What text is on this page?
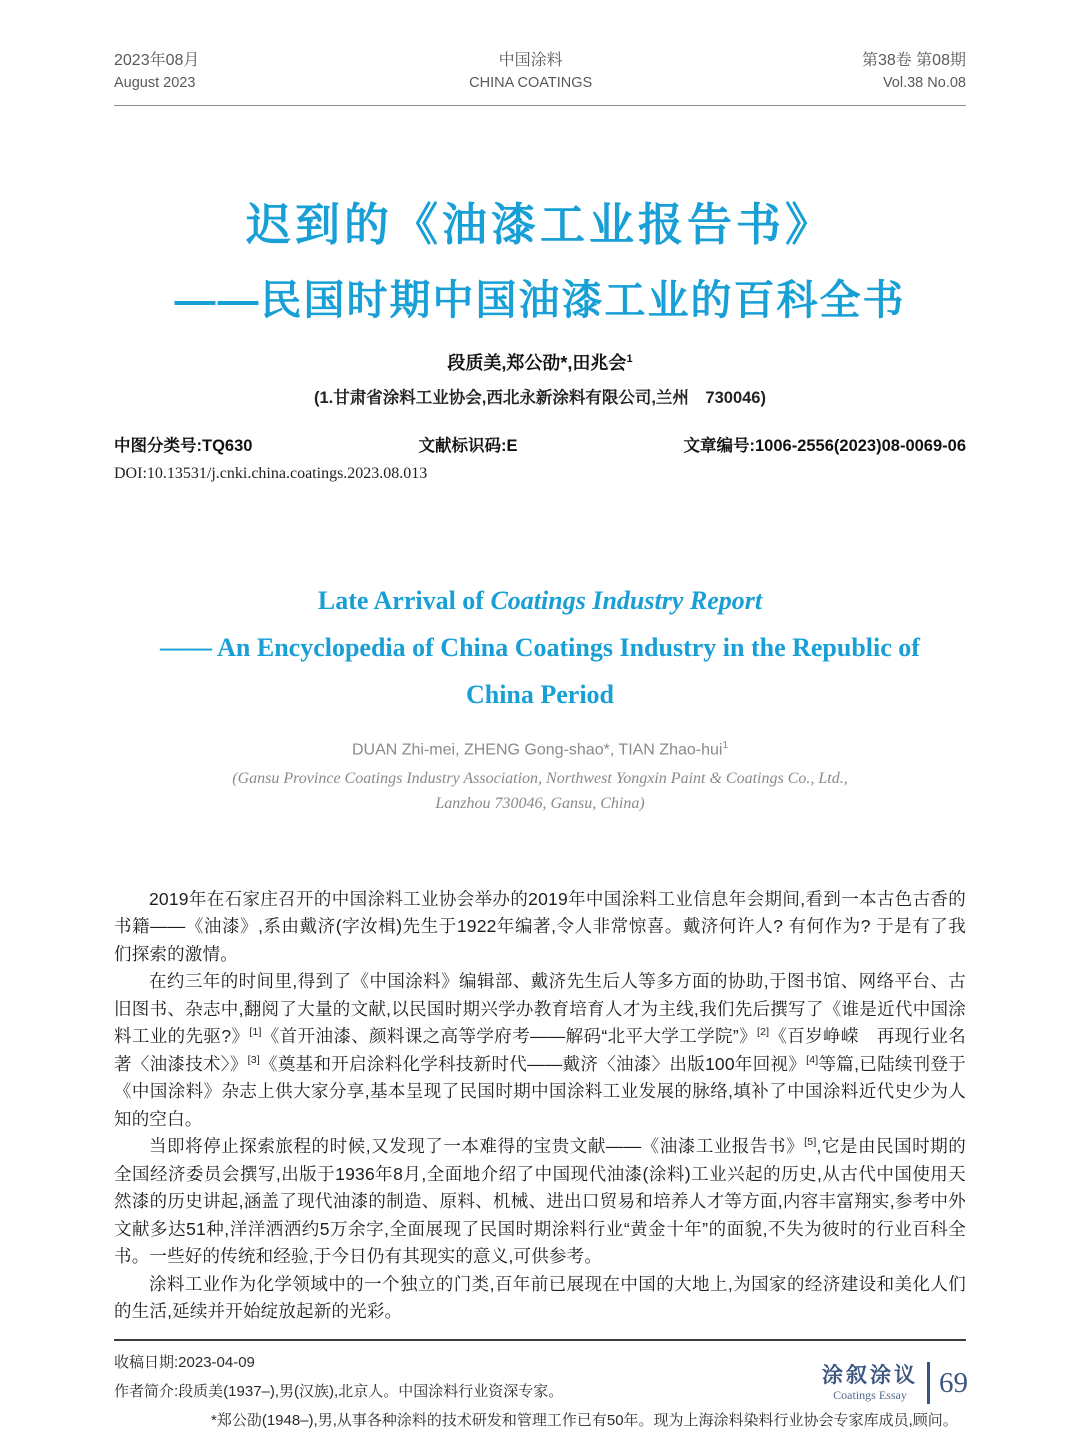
2023年08月
August 2023
中国涂料
CHINA COATINGS
第38卷 第08期
Vol.38 No.08
迟到的《油漆工业报告书》
——民国时期中国油漆工业的百科全书
段质美,郑公劭*,田兆会$^1$
(1.甘肃省涂料工业协会,西北永新涂料有限公司,兰州　730046)
中图分类号:TQ630	文献标识码:E	文章编号:1006-2556(2023)08-0069-06
DOI:10.13531/j.cnki.china.coatings.2023.08.013
Late Arrival of Coatings Industry Report
—— An Encyclopedia of China Coatings Industry in the Republic of
China Period
DUAN Zhi-mei, ZHENG Gong-shao*, TIAN Zhao-hui$^1$
(Gansu Province Coatings Industry Association, Northwest Yongxin Paint & Coatings Co., Ltd.,
Lanzhou 730046, Gansu, China)

2019年在石家庄召开的中国涂料工业协会举办的2019年中国涂料工业信息年会期间,看到一本古色古香的书籍——《油漆》,系由戴济(字汝楫)先生于1922年编著,令人非常惊喜。戴济何许人? 有何作为? 于是有了我们探索的激情。

在约三年的时间里,得到了《中国涂料》编辑部、戴济先生后人等多方面的协助,于图书馆、网络平台、古旧图书、杂志中,翻阅了大量的文献,以民国时期兴学办教育培育人才为主线,我们先后撰写了《谁是近代中国涂料工业的先驱?》[1]《首开油漆、颜料课之高等学府考——解码“北平大学工学院”》[2]《百岁峥嵘　再现行业名著〈油漆技术〉》[3]《奠基和开启涂料化学科技新时代——戴济〈油漆〉出版100年回视》[4]等篇,已陆续刊登于《中国涂料》杂志上供大家分享,基本呈现了民国时期中国涂料工业发展的脉络,填补了中国涂料近代史少为人知的空白。

当即将停止探索旅程的时候,又发现了一本难得的宝贵文献——《油漆工业报告书》[5],它是由民国时期的全国经济委员会撰写,出版于1936年8月,全面地介绍了中国现代油漆(涂料)工业兴起的历史,从古代中国使用天然漆的历史讲起,涵盖了现代油漆的制造、原料、机械、进出口贸易和培养人才等方面,内容丰富翔实,参考中外文献多达51种,洋洋洒洒约5万余字,全面展现了民国时期涂料行业“黄金十年”的面貌,不失为彼时的行业百科全书。一些好的传统和经验,于今日仍有其现实的意义,可供参考。

涂料工业作为化学领域中的一个独立的门类,百年前已展现在中国的大地上,为国家的经济建设和美化人们的生活,延续并开始绽放起新的光彩。

收稿日期:2023-04-09
作者简介:段质美(1937–),男(汉族),北京人。中国涂料行业资深专家。
*郑公劭(1948–),男,从事各种涂料的技术研发和管理工作已有50年。现为上海涂料染料行业协会专家库成员,顾问。
涂叙涂议
Coatings Essay	69
